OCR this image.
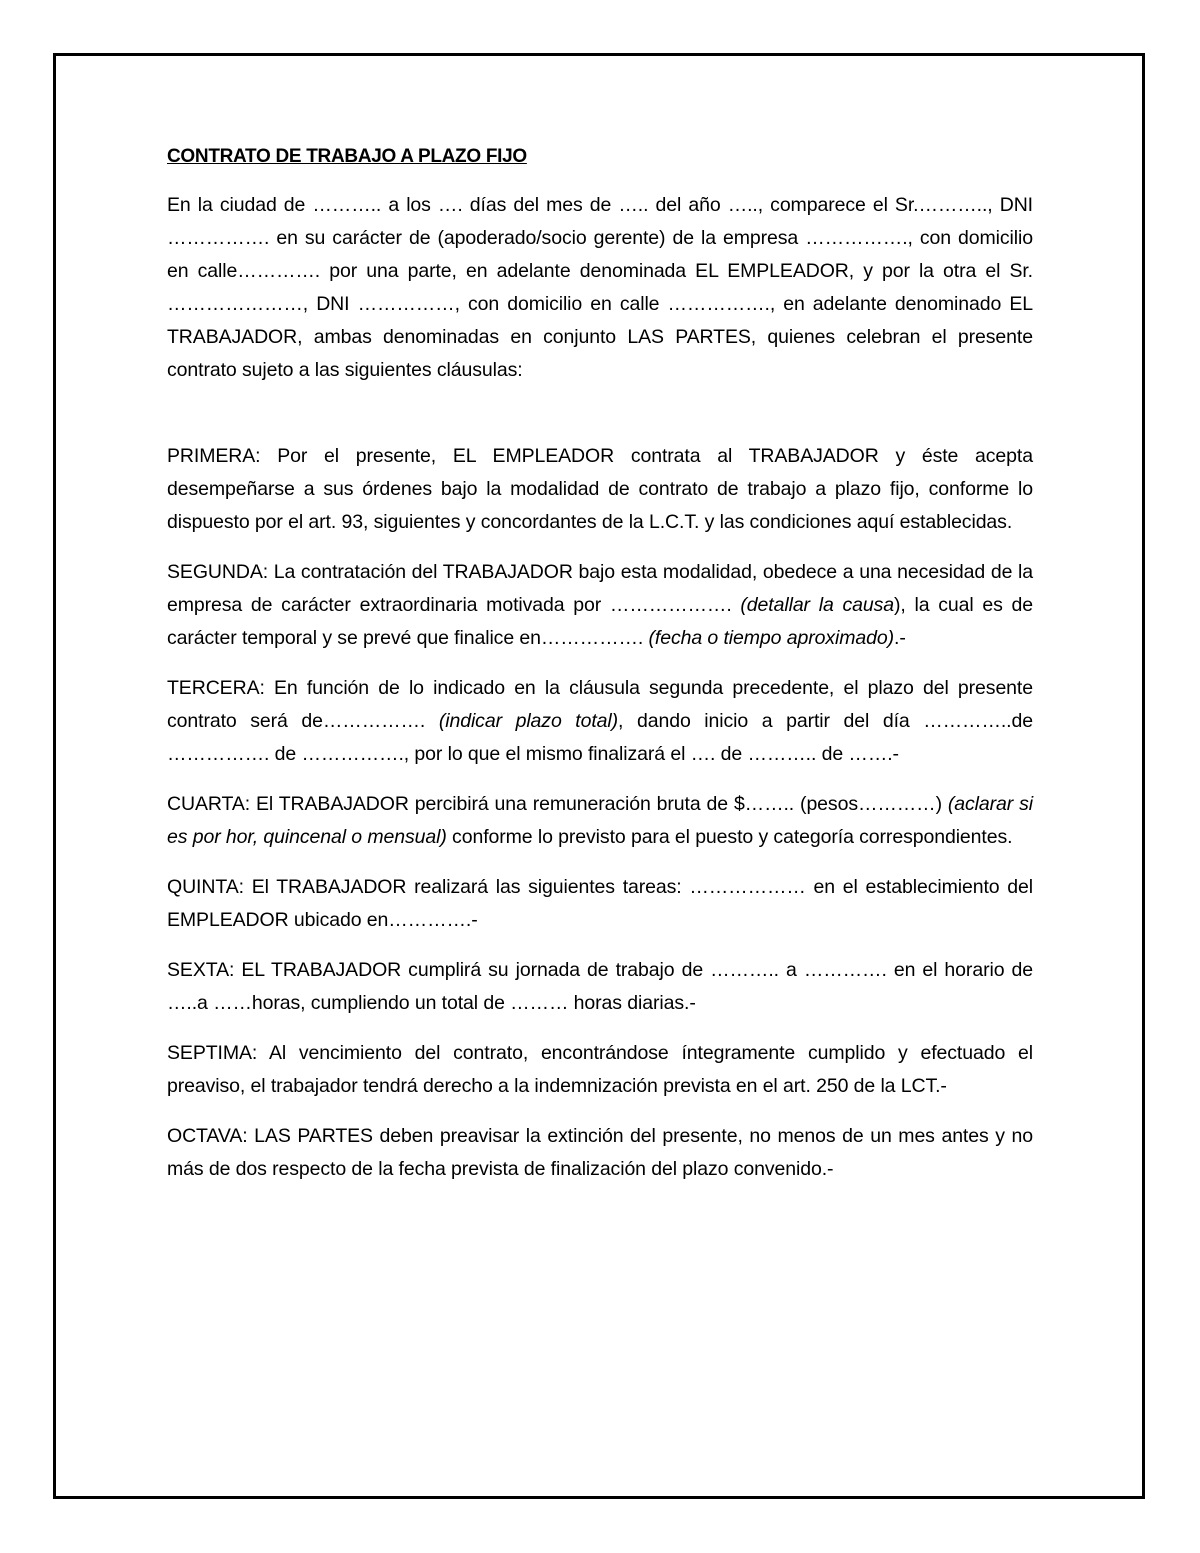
CONTRATO DE TRABAJO A PLAZO FIJO
En la ciudad de ……….. a los …. días del mes de ….. del año ….., comparece el Sr.……….., DNI ……………. en su carácter de (apoderado/socio gerente) de la empresa ……………., con domicilio en calle…………. por una parte, en adelante denominada EL EMPLEADOR, y por la otra el Sr. …………………, DNI ……………, con domicilio en calle ……………., en adelante denominado EL TRABAJADOR, ambas denominadas en conjunto LAS PARTES, quienes celebran el presente contrato sujeto a las siguientes cláusulas:
PRIMERA: Por el presente, EL EMPLEADOR contrata al TRABAJADOR y éste acepta desempeñarse a sus órdenes bajo la modalidad de contrato de trabajo a plazo fijo, conforme lo dispuesto por el art. 93, siguientes y concordantes de la L.C.T. y las condiciones aquí establecidas.
SEGUNDA: La contratación del TRABAJADOR bajo esta modalidad, obedece a una necesidad de la empresa de carácter extraordinaria motivada por ………………. (detallar la causa), la cual es de carácter temporal y se prevé que finalice en……………. (fecha o tiempo aproximado).-
TERCERA: En función de lo indicado en la cláusula segunda precedente, el plazo del presente contrato será de……………. (indicar plazo total), dando inicio a partir del día …………..de ……………. de ……………., por lo que el mismo finalizará el …. de ……….. de …….-
CUARTA: El TRABAJADOR percibirá una remuneración bruta de $…….. (pesos…………) (aclarar si es por hor, quincenal o mensual) conforme lo previsto para el puesto y categoría correspondientes.
QUINTA: El TRABAJADOR realizará las siguientes tareas: ……………… en el establecimiento del EMPLEADOR ubicado en………….-
SEXTA: EL TRABAJADOR cumplirá su jornada de trabajo de ……….. a …………. en el horario de …..a ……horas, cumpliendo un total de ……… horas diarias.-
SEPTIMA: Al vencimiento del contrato, encontrándose íntegramente cumplido y efectuado el preaviso, el trabajador tendrá derecho a la indemnización prevista en el art. 250 de la LCT.-
OCTAVA: LAS PARTES deben preavisar la extinción del presente, no menos de un mes antes y no más de dos respecto de la fecha prevista de finalización del plazo convenido.-
